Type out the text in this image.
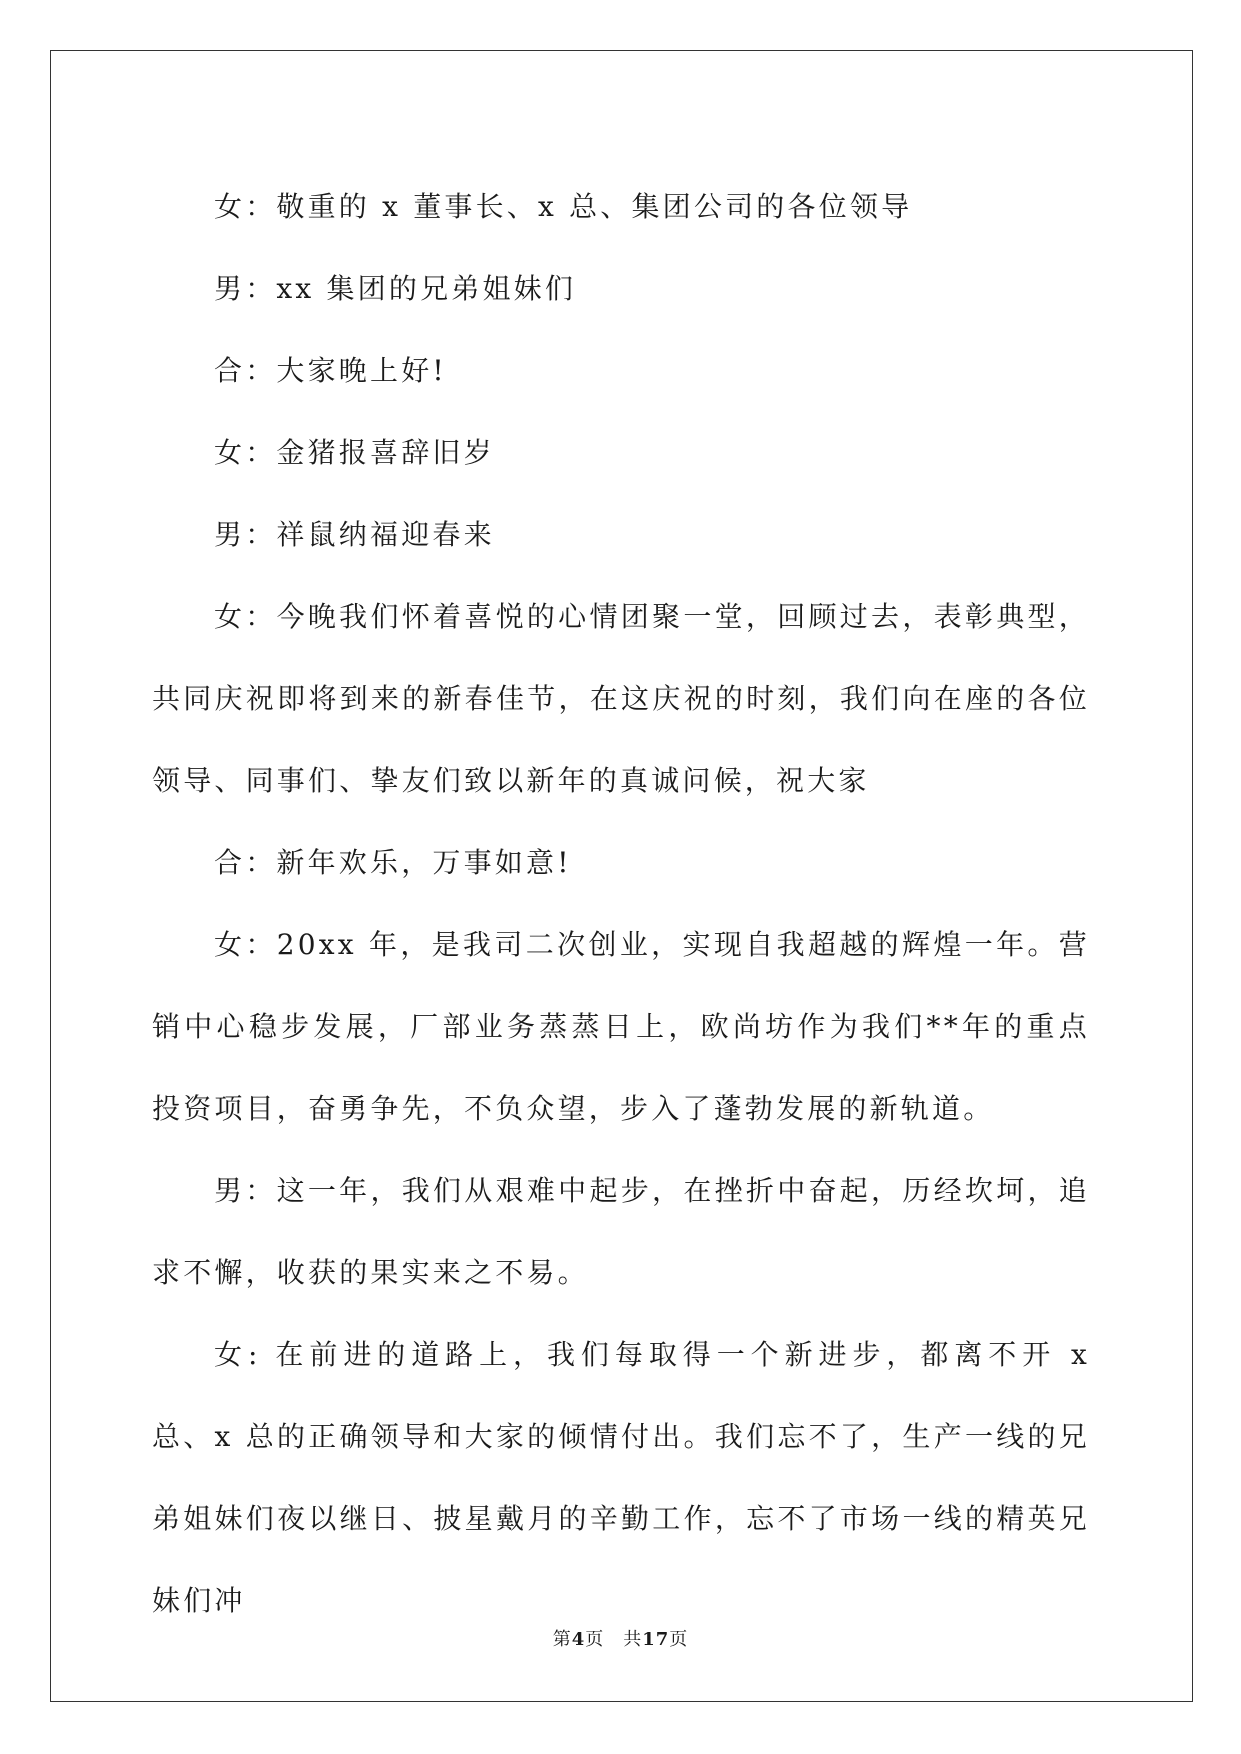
女：敬重的 x 董事长、x 总、集团公司的各位领导

男：xx 集团的兄弟姐妹们

合：大家晚上好!

女：金猪报喜辞旧岁

男：祥鼠纳福迎春来

女：今晚我们怀着喜悦的心情团聚一堂，回顾过去，表彰典型，共同庆祝即将到来的新春佳节，在这庆祝的时刻，我们向在座的各位领导、同事们、挚友们致以新年的真诚问候，祝大家

合：新年欢乐，万事如意!

女：20xx 年，是我司二次创业，实现自我超越的辉煌一年。营销中心稳步发展，厂部业务蒸蒸日上，欧尚坊作为我们**年的重点投资项目，奋勇争先，不负众望，步入了蓬勃发展的新轨道。

男：这一年，我们从艰难中起步，在挫折中奋起，历经坎坷，追求不懈，收获的果实来之不易。

女: 在前进的道路上，我们每取得一个新进步，都离不开 x 总、x 总的正确领导和大家的倾情付出。我们忘不了，生产一线的兄弟姐妹们夜以继日、披星戴月的辛勤工作，忘不了市场一线的精英兄妹们冲

第4页　共17页
